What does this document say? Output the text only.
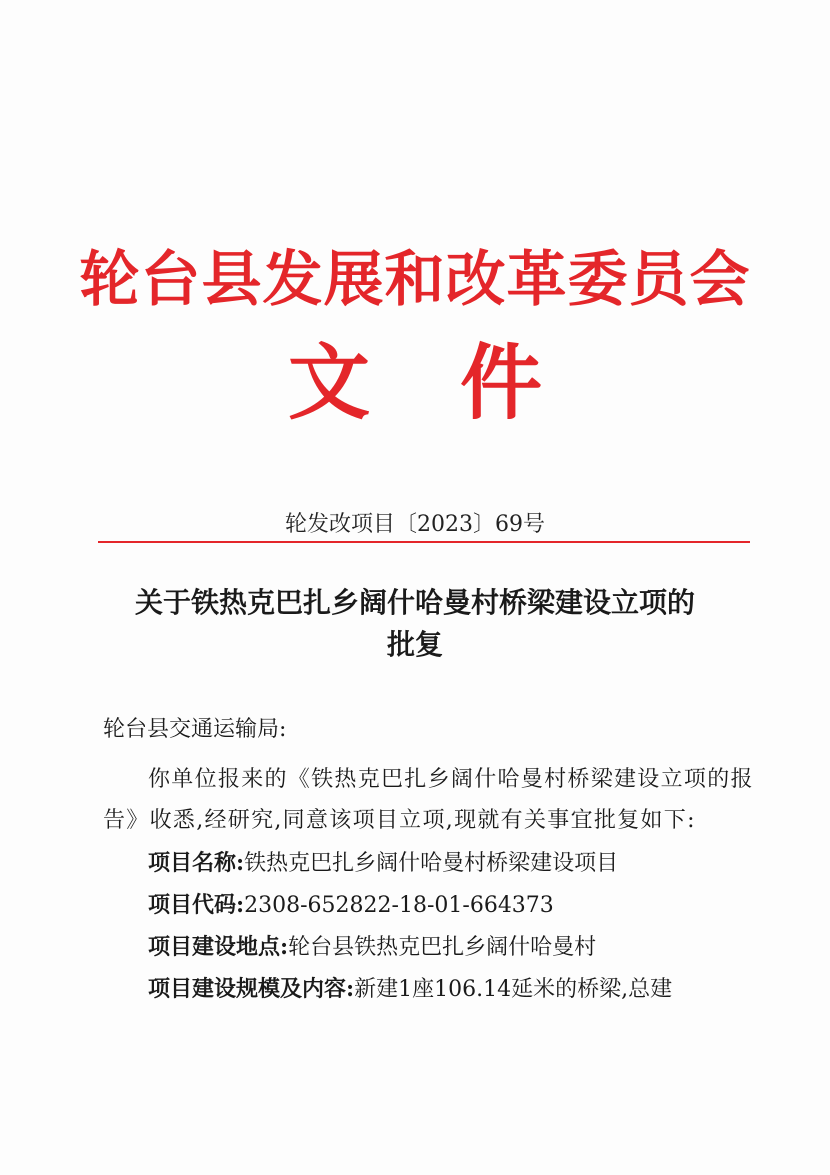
轮台县发展和改革委员会
文件
轮发改项目〔2023〕69号
关于铁热克巴扎乡阔什哈曼村桥梁建设立项的
批复
轮台县交通运输局:
你单位报来的《铁热克巴扎乡阔什哈曼村桥梁建设立项的报
告》收悉,经研究,同意该项目立项,现就有关事宜批复如下:
项目名称:铁热克巴扎乡阔什哈曼村桥梁建设项目
项目代码:2308-652822-18-01-664373
项目建设地点:轮台县铁热克巴扎乡阔什哈曼村
项目建设规模及内容:新建1座106.14延米的桥梁,总建
